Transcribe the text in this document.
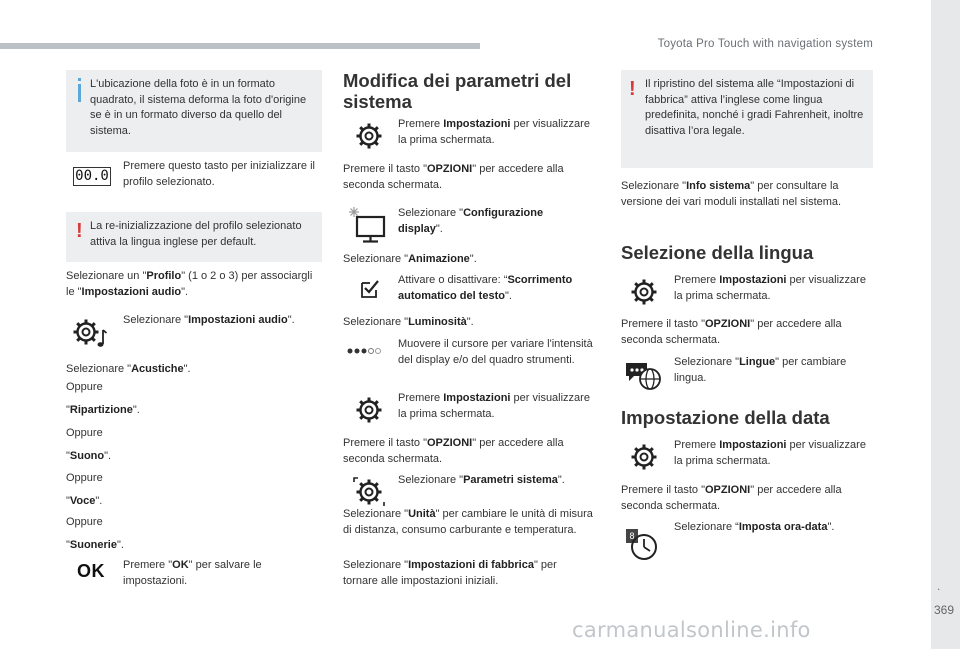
Toyota Pro Touch with navigation system
.
369
carmanualsonline.info
L'ubicazione della foto è in un formato quadrato, il sistema deforma la foto d'origine se è in un formato diverso da quello del sistema.
00.0
Premere questo tasto per inizializzare il profilo selezionato.
! La re-inizializzazione del profilo selezionato attiva la lingua inglese per default.
Selezionare un "Profilo" (1 o 2 o 3) per associargli le "Impostazioni audio".
Selezionare "Impostazioni audio".
Selezionare "Acustiche".
Oppure
"Ripartizione".
Oppure
"Suono".
Oppure
"Voce".
Oppure
"Suonerie".
OK Premere "OK" per salvare le impostazioni.
Modifica dei parametri del sistema
Premere Impostazioni per visualizzare la prima schermata.
Premere il tasto "OPZIONI" per accedere alla seconda schermata.
Selezionare "Configurazione display".
Selezionare "Animazione".
Attivare o disattivare: “Scorrimento automatico del testo".
Selezionare "Luminosità".
Muovere il cursore per variare l'intensità del display e/o del quadro strumenti.
Premere Impostazioni per visualizzare la prima schermata.
Premere il tasto "OPZIONI" per accedere alla seconda schermata.
Selezionare "Parametri sistema".
Selezionare "Unità" per cambiare le unità di misura di distanza, consumo carburante e temperatura.
Selezionare "Impostazioni di fabbrica" per tornare alle impostazioni iniziali.
! Il ripristino del sistema alle “Impostazioni di fabbrica” attiva l’inglese come lingua predefinita, nonché i gradi Fahrenheit, inoltre disattiva l’ora legale.
Selezionare "Info sistema" per consultare la versione dei vari moduli installati nel sistema.
Selezione della lingua
Premere Impostazioni per visualizzare la prima schermata.
Premere il tasto "OPZIONI" per accedere alla seconda schermata.
Selezionare "Lingue" per cambiare lingua.
Impostazione della data
Premere Impostazioni per visualizzare la prima schermata.
Premere il tasto "OPZIONI" per accedere alla seconda schermata.
8
Selezionare “Imposta ora-data".
